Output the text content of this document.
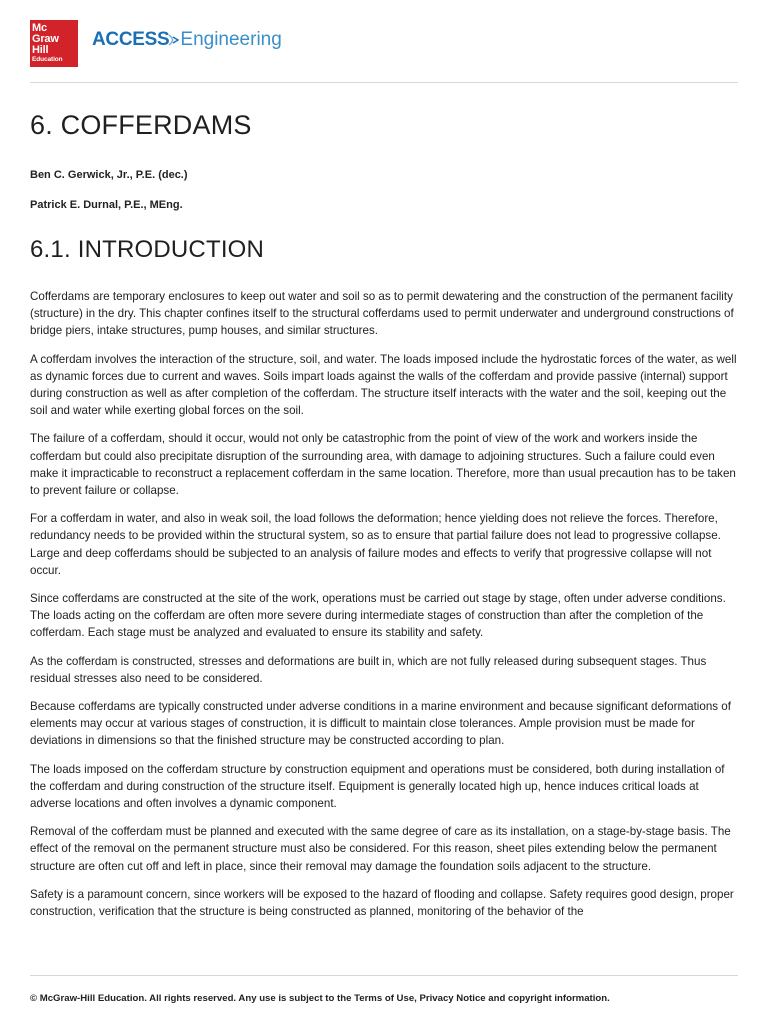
Mc
Graw
Hill
Education
ACCESS Engineering
6. COFFERDAMS
Ben C. Gerwick, Jr., P.E. (dec.)
Patrick E. Durnal, P.E., MEng.
6.1. INTRODUCTION

Cofferdams are temporary enclosures to keep out water and soil so as to permit dewatering and the construction of the permanent facility (structure) in the dry. This chapter confines itself to the structural cofferdams used to permit underwater and underground constructions of bridge piers, intake structures, pump houses, and similar structures.

A cofferdam involves the interaction of the structure, soil, and water. The loads imposed include the hydrostatic forces of the water, as well as dynamic forces due to current and waves. Soils impart loads against the walls of the cofferdam and provide passive (internal) support during construction as well as after completion of the cofferdam. The structure itself interacts with the water and the soil, keeping out the soil and water while exerting global forces on the soil.

The failure of a cofferdam, should it occur, would not only be catastrophic from the point of view of the work and workers inside the cofferdam but could also precipitate disruption of the surrounding area, with damage to adjoining structures. Such a failure could even make it impracticable to reconstruct a replacement cofferdam in the same location. Therefore, more than usual precaution has to be taken to prevent failure or collapse.

For a cofferdam in water, and also in weak soil, the load follows the deformation; hence yielding does not relieve the forces. Therefore, redundancy needs to be provided within the structural system, so as to ensure that partial failure does not lead to progressive collapse. Large and deep cofferdams should be subjected to an analysis of failure modes and effects to verify that progressive collapse will not occur.

Since cofferdams are constructed at the site of the work, operations must be carried out stage by stage, often under adverse conditions. The loads acting on the cofferdam are often more severe during intermediate stages of construction than after the completion of the cofferdam. Each stage must be analyzed and evaluated to ensure its stability and safety.

As the cofferdam is constructed, stresses and deformations are built in, which are not fully released during subsequent stages. Thus residual stresses also need to be considered.

Because cofferdams are typically constructed under adverse conditions in a marine environment and because significant deformations of elements may occur at various stages of construction, it is difficult to maintain close tolerances. Ample provision must be made for deviations in dimensions so that the finished structure may be constructed according to plan.

The loads imposed on the cofferdam structure by construction equipment and operations must be considered, both during installation of the cofferdam and during construction of the structure itself. Equipment is generally located high up, hence induces critical loads at adverse locations and often involves a dynamic component.

Removal of the cofferdam must be planned and executed with the same degree of care as its installation, on a stage-by-stage basis. The effect of the removal on the permanent structure must also be considered. For this reason, sheet piles extending below the permanent structure are often cut off and left in place, since their removal may damage the foundation soils adjacent to the structure.

Safety is a paramount concern, since workers will be exposed to the hazard of flooding and collapse. Safety requires good design, proper construction, verification that the structure is being constructed as planned, monitoring of the behavior of the

© McGraw-Hill Education. All rights reserved. Any use is subject to the Terms of Use, Privacy Notice and copyright information.
